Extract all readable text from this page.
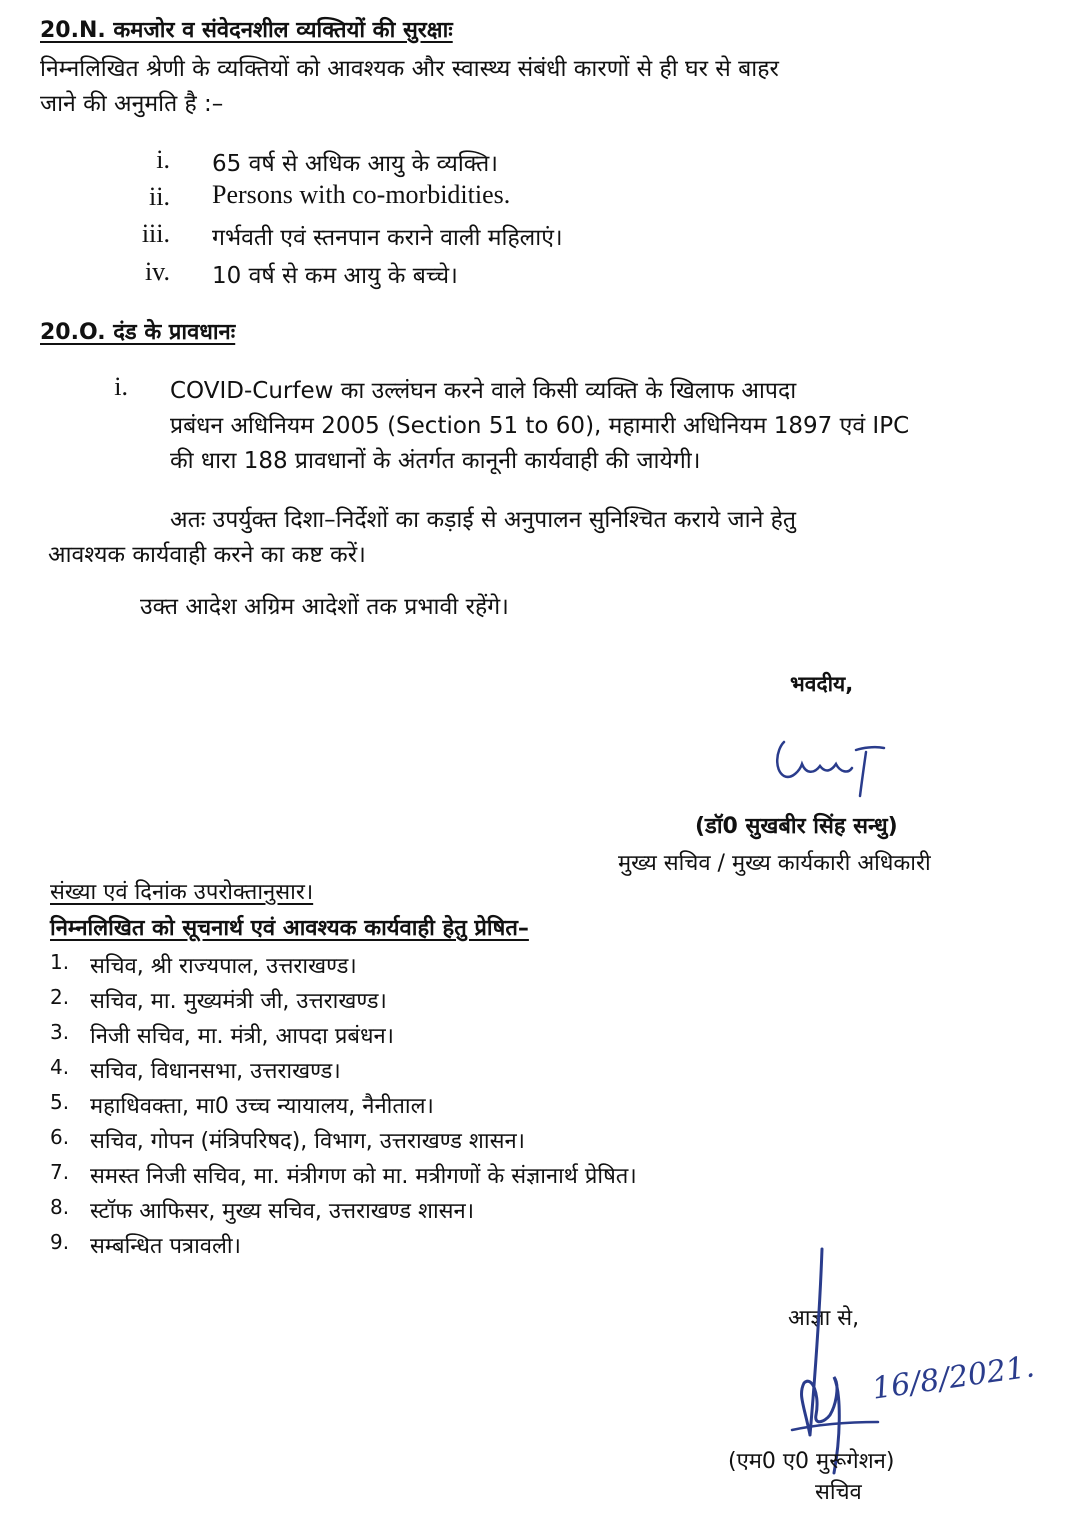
20.N. कमजोर व संवेदनशील व्यक्तियों की सुरक्षाः
निम्नलिखित श्रेणी के व्यक्तियों को आवश्यक और स्वास्थ्य संबंधी कारणों से ही घर से बाहर
जाने की अनुमति है :–
i. 65 वर्ष से अधिक आयु के व्यक्ति।
ii. Persons with co-morbidities.
iii. गर्भवती एवं स्तनपान कराने वाली महिलाएं।
iv. 10 वर्ष से कम आयु के बच्चे।
20.O. दंड के प्रावधानः
i. COVID-Curfew का उल्लंघन करने वाले किसी व्यक्ति के खिलाफ आपदा
प्रबंधन अधिनियम 2005 (Section 51 to 60), महामारी अधिनियम 1897 एवं IPC
की धारा 188 प्रावधानों के अंतर्गत कानूनी कार्यवाही की जायेगी।
अतः उपर्युक्त दिशा–निर्देशों का कड़ाई से अनुपालन सुनिश्चित कराये जाने हेतु
आवश्यक कार्यवाही करने का कष्ट करें।
उक्त आदेश अग्रिम आदेशों तक प्रभावी रहेंगे।
भवदीय,
(डॉ0 सुखबीर सिंह सन्धु)
मुख्य सचिव / मुख्य कार्यकारी अधिकारी
संख्या एवं दिनांक उपरोक्तानुसार।
निम्नलिखित को सूचनार्थ एवं आवश्यक कार्यवाही हेतु प्रेषित–
1. सचिव, श्री राज्यपाल, उत्तराखण्ड।
2. सचिव, मा. मुख्यमंत्री जी, उत्तराखण्ड।
3. निजी सचिव, मा. मंत्री, आपदा प्रबंधन।
4. सचिव, विधानसभा, उत्तराखण्ड।
5. महाधिवक्ता, मा0 उच्च न्यायालय, नैनीताल।
6. सचिव, गोपन (मंत्रिपरिषद), विभाग, उत्तराखण्ड शासन।
7. समस्त निजी सचिव, मा. मंत्रीगण को मा. मत्रीगणों के संज्ञानार्थ प्रेषित।
8. स्टॉफ आफिसर, मुख्य सचिव, उत्तराखण्ड शासन।
9. सम्बन्धित पत्रावली।
आज्ञा से,
16/8/2021.
(एम0 ए0 मुरूगेशन)
सचिव
